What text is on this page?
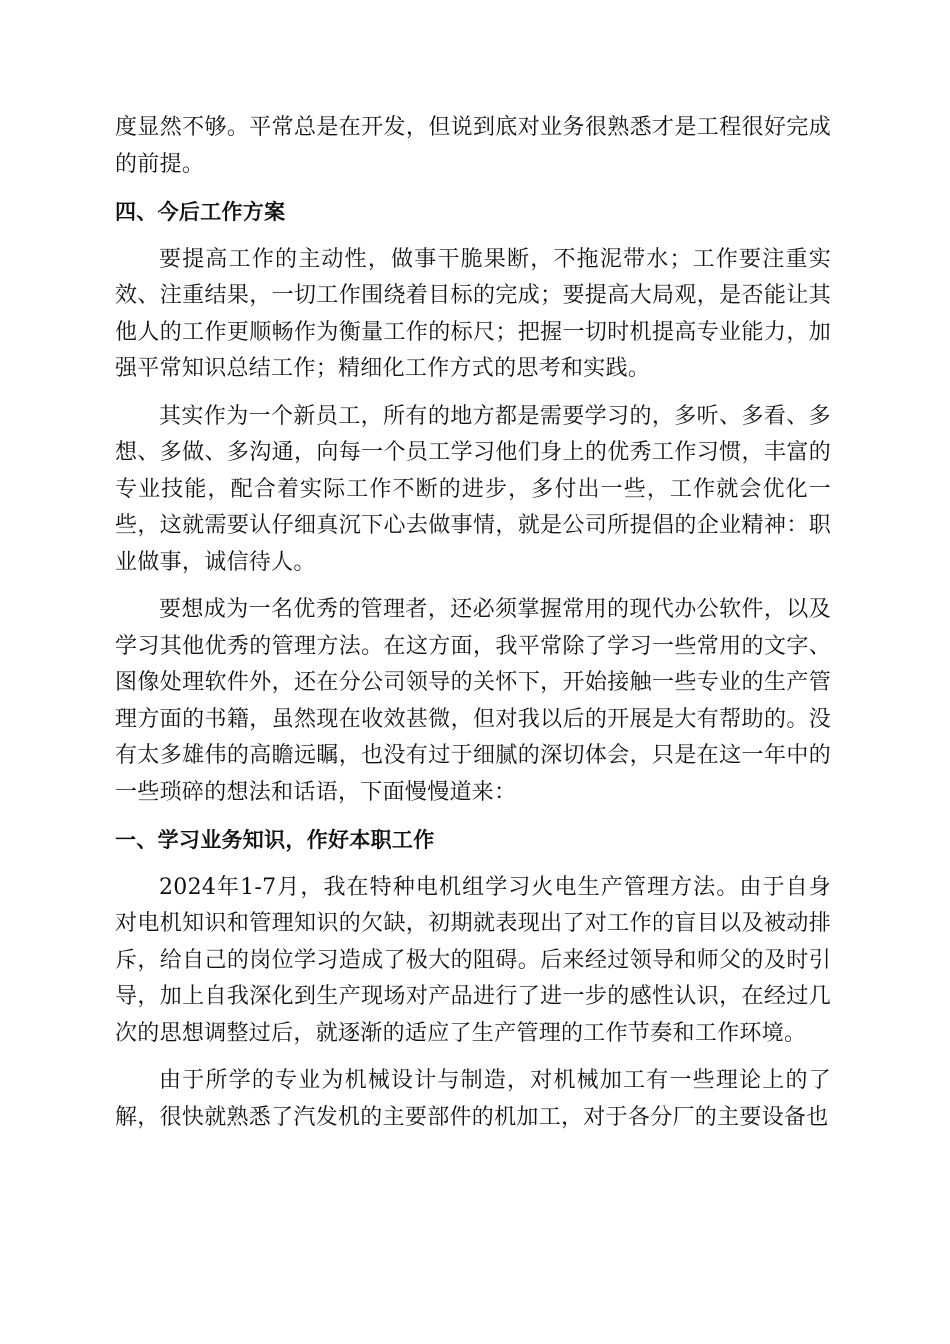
度显然不够。平常总是在开发，但说到底对业务很熟悉才是工程很好完成的前提。

四、今后工作方案

要提高工作的主动性，做事干脆果断，不拖泥带水；工作要注重实效、注重结果，一切工作围绕着目标的完成；要提高大局观，是否能让其他人的工作更顺畅作为衡量工作的标尺；把握一切时机提高专业能力，加强平常知识总结工作；精细化工作方式的思考和实践。

其实作为一个新员工，所有的地方都是需要学习的，多听、多看、多想、多做、多沟通，向每一个员工学习他们身上的优秀工作习惯，丰富的专业技能，配合着实际工作不断的进步，多付出一些，工作就会优化一些，这就需要认仔细真沉下心去做事情，就是公司所提倡的企业精神：职业做事，诚信待人。

要想成为一名优秀的管理者，还必须掌握常用的现代办公软件，以及学习其他优秀的管理方法。在这方面，我平常除了学习一些常用的文字、图像处理软件外，还在分公司领导的关怀下，开始接触一些专业的生产管理方面的书籍，虽然现在收效甚微，但对我以后的开展是大有帮助的。没有太多雄伟的高瞻远瞩，也没有过于细腻的深切体会，只是在这一年中的一些琐碎的想法和话语，下面慢慢道来：

一、学习业务知识，作好本职工作

2024年1-7月，我在特种电机组学习火电生产管理方法。由于自身对电机知识和管理知识的欠缺，初期就表现出了对工作的盲目以及被动排斥，给自己的岗位学习造成了极大的阻碍。后来经过领导和师父的及时引导，加上自我深化到生产现场对产品进行了进一步的感性认识，在经过几次的思想调整过后，就逐渐的适应了生产管理的工作节奏和工作环境。

由于所学的专业为机械设计与制造，对机械加工有一些理论上的了解，很快就熟悉了汽发机的主要部件的机加工，对于各分厂的主要设备也
